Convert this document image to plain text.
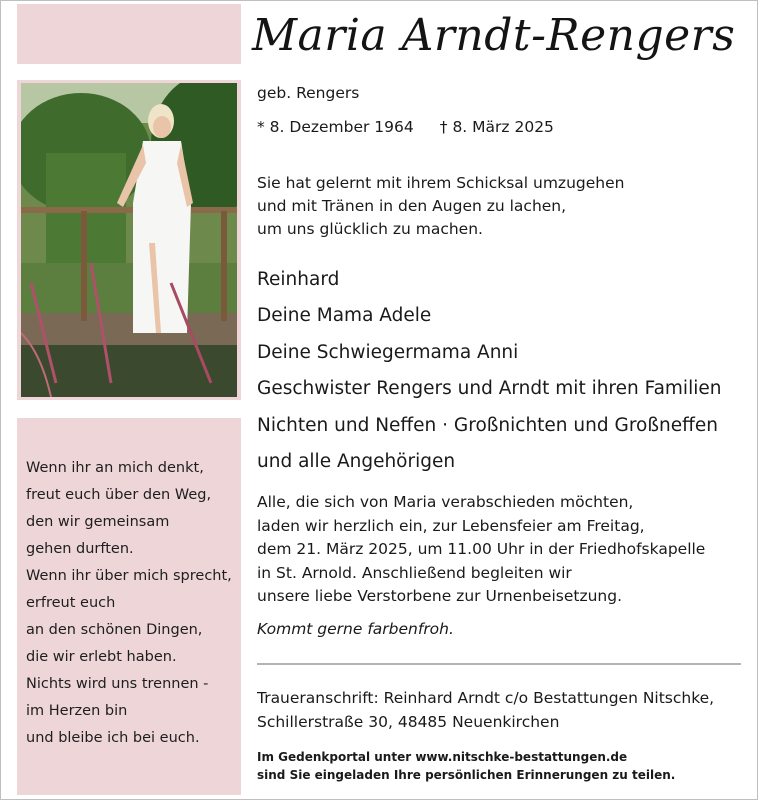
Wenn ihr an mich denkt,
freut euch über den Weg,
den wir gemeinsam
gehen durften.
Wenn ihr über mich sprecht,
erfreut euch
an den schönen Dingen,
die wir erlebt haben.
Nichts wird uns trennen -
im Herzen bin
und bleibe ich bei euch.
Maria Arndt-Rengers
geb. Rengers
* 8. Dezember 1964 † 8. März 2025
Sie hat gelernt mit ihrem Schicksal umzugehen
und mit Tränen in den Augen zu lachen,
um uns glücklich zu machen.
Reinhard
Deine Mama Adele
Deine Schwiegermama Anni
Geschwister Rengers und Arndt mit ihren Familien
Nichten und Neffen · Großnichten und Großneffen
und alle Angehörigen
Alle, die sich von Maria verabschieden möchten,
laden wir herzlich ein, zur Lebensfeier am Freitag,
dem 21. März 2025, um 11.00 Uhr in der Friedhofskapelle
in St. Arnold. Anschließend begleiten wir
unsere liebe Verstorbene zur Urnenbeisetzung.
Kommt gerne farbenfroh.
Traueranschrift: Reinhard Arndt c/o Bestattungen Nitschke,
Schillerstraße 30, 48485 Neuenkirchen
Im Gedenkportal unter www.nitschke-bestattungen.de
sind Sie eingeladen Ihre persönlichen Erinnerungen zu teilen.
